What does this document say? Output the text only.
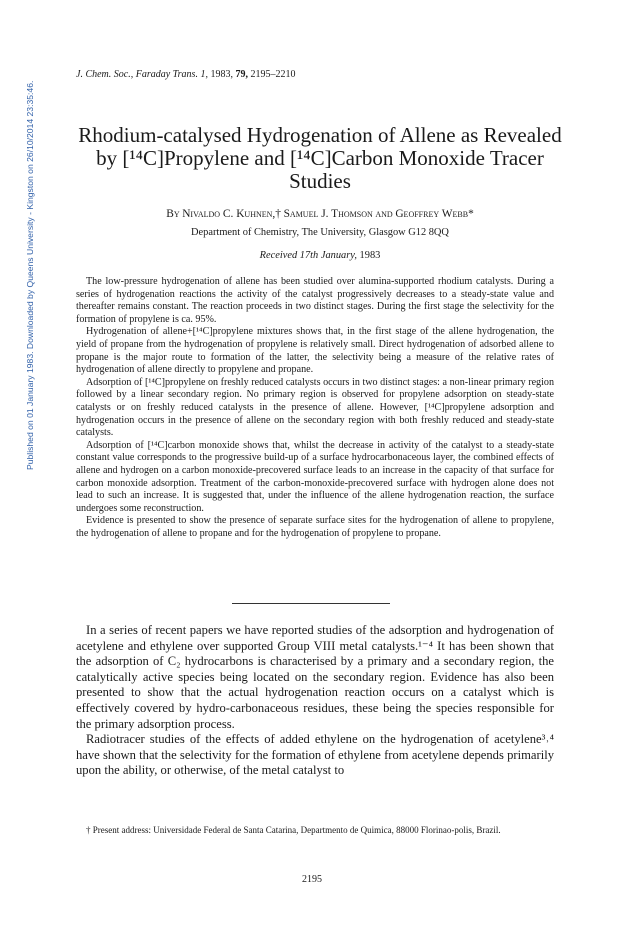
Published on 01 January 1983. Downloaded by Queens University - Kingston on 26/10/2014 23:35:46.
J. Chem. Soc., Faraday Trans. 1, 1983, 79, 2195–2210
Rhodium-catalysed Hydrogenation of Allene as Revealed by [¹⁴C]Propylene and [¹⁴C]Carbon Monoxide Tracer Studies
By Nivaldo C. Kuhnen,† Samuel J. Thomson and Geoffrey Webb*
Department of Chemistry, The University, Glasgow G12 8QQ
Received 17th January, 1983

The low-pressure hydrogenation of allene has been studied over alumina-supported rhodium catalysts. During a series of hydrogenation reactions the activity of the catalyst progressively decreases to a steady-state value and thereafter remains constant. The reaction proceeds in two distinct stages. During the first stage the selectivity for the formation of propylene is ca. 95%.

Hydrogenation of allene+[¹⁴C]propylene mixtures shows that, in the first stage of the allene hydrogenation, the yield of propane from the hydrogenation of propylene is relatively small. Direct hydrogenation of adsorbed allene to propane is the major route to formation of the latter, the selectivity being a measure of the relative rates of hydrogenation of allene directly to propylene and propane.

Adsorption of [¹⁴C]propylene on freshly reduced catalysts occurs in two distinct stages: a non-linear primary region followed by a linear secondary region. No primary region is observed for propylene adsorption on steady-state catalysts or on freshly reduced catalysts in the presence of allene. However, [¹⁴C]propylene adsorption and hydrogenation occurs in the presence of allene on the secondary region with both freshly reduced and steady-state catalysts.

Adsorption of [¹⁴C]carbon monoxide shows that, whilst the decrease in activity of the catalyst to a steady-state constant value corresponds to the progressive build-up of a surface hydrocarbonaceous layer, the combined effects of allene and hydrogen on a carbon monoxide-precovered surface leads to an increase in the capacity of that surface for carbon monoxide adsorption. Treatment of the carbon-monoxide-precovered surface with hydrogen alone does not lead to such an increase. It is suggested that, under the influence of the allene hydrogenation reaction, the surface undergoes some reconstruction.

Evidence is presented to show the presence of separate surface sites for the hydrogenation of allene to propylene, the hydrogenation of allene to propane and for the hydrogenation of propylene to propane.

In a series of recent papers we have reported studies of the adsorption and hydrogenation of acetylene and ethylene over supported Group VIII metal catalysts.¹⁻⁴ It has been shown that the adsorption of C₂ hydrocarbons is characterised by a primary and a secondary region, the catalytically active species being located on the secondary region. Evidence has also been presented to show that the actual hydrogenation reaction occurs on a catalyst which is effectively covered by hydro-carbonaceous residues, these being the species responsible for the primary adsorption process.

Radiotracer studies of the effects of added ethylene on the hydrogenation of acetylene³˒⁴ have shown that the selectivity for the formation of ethylene from acetylene depends primarily upon the ability, or otherwise, of the metal catalyst to

† Present address: Universidade Federal de Santa Catarina, Departmento de Quimica, 88000 Florinao-polis, Brazil.
2195
